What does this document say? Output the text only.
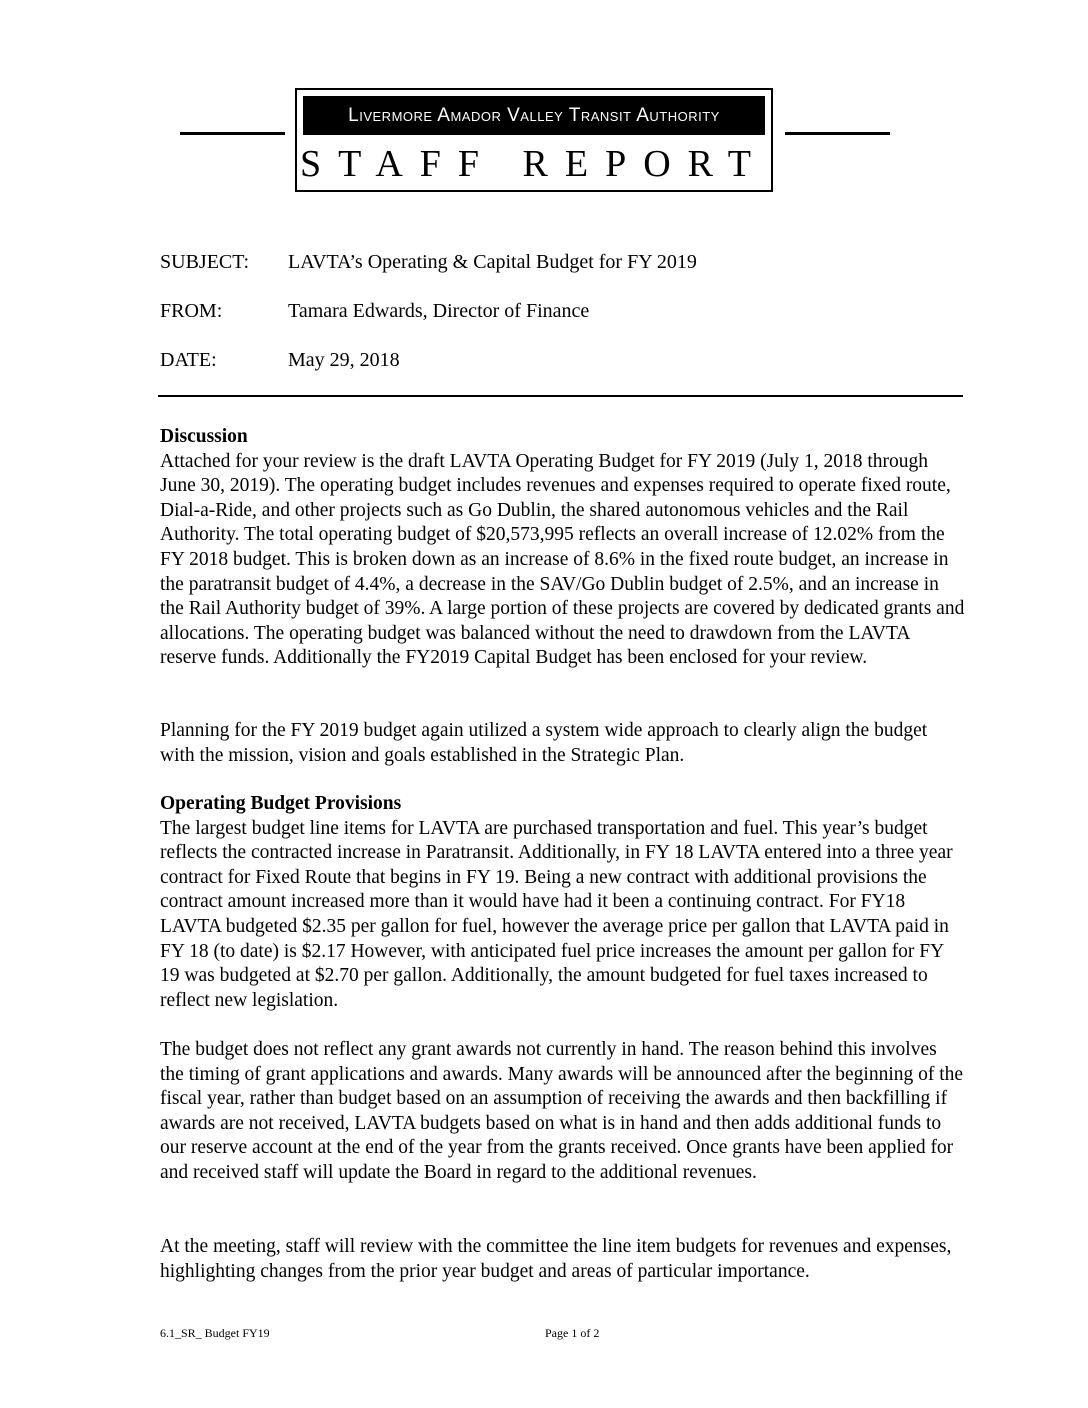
Livermore Amador Valley Transit Authority
STAFF REPORT
SUBJECT: LAVTA’s Operating & Capital Budget for FY 2019
FROM:	Tamara Edwards, Director of Finance
DATE:	May 29, 2018

Discussion

Attached for your review is the draft LAVTA Operating Budget for FY 2019 (July 1, 2018 through June 30, 2019). The operating budget includes revenues and expenses required to operate fixed route, Dial-a-Ride, and other projects such as Go Dublin, the shared autonomous vehicles and the Rail Authority. The total operating budget of $20,573,995 reflects an overall increase of 12.02% from the FY 2018 budget. This is broken down as an increase of 8.6% in the fixed route budget, an increase in the paratransit budget of 4.4%, a decrease in the SAV/Go Dublin budget of 2.5%, and an increase in the Rail Authority budget of 39%. A large portion of these projects are covered by dedicated grants and allocations. The operating budget was balanced without the need to drawdown from the LAVTA reserve funds. Additionally the FY2019 Capital Budget has been enclosed for your review.

Planning for the FY 2019 budget again utilized a system wide approach to clearly align the budget with the mission, vision and goals established in the Strategic Plan.

Operating Budget Provisions

The largest budget line items for LAVTA are purchased transportation and fuel. This year’s budget reflects the contracted increase in Paratransit. Additionally, in FY 18 LAVTA entered into a three year contract for Fixed Route that begins in FY 19. Being a new contract with additional provisions the contract amount increased more than it would have had it been a continuing contract. For FY18 LAVTA budgeted $2.35 per gallon for fuel, however the average price per gallon that LAVTA paid in FY 18 (to date) is $2.17 However, with anticipated fuel price increases the amount per gallon for FY 19 was budgeted at $2.70 per gallon. Additionally, the amount budgeted for fuel taxes increased to reflect new legislation.

The budget does not reflect any grant awards not currently in hand. The reason behind this involves the timing of grant applications and awards. Many awards will be announced after the beginning of the fiscal year, rather than budget based on an assumption of receiving the awards and then backfilling if awards are not received, LAVTA budgets based on what is in hand and then adds additional funds to our reserve account at the end of the year from the grants received. Once grants have been applied for and received staff will update the Board in regard to the additional revenues.

At the meeting, staff will review with the committee the line item budgets for revenues and expenses, highlighting changes from the prior year budget and areas of particular importance.

6.1_SR_ Budget FY19	Page 1 of 2
